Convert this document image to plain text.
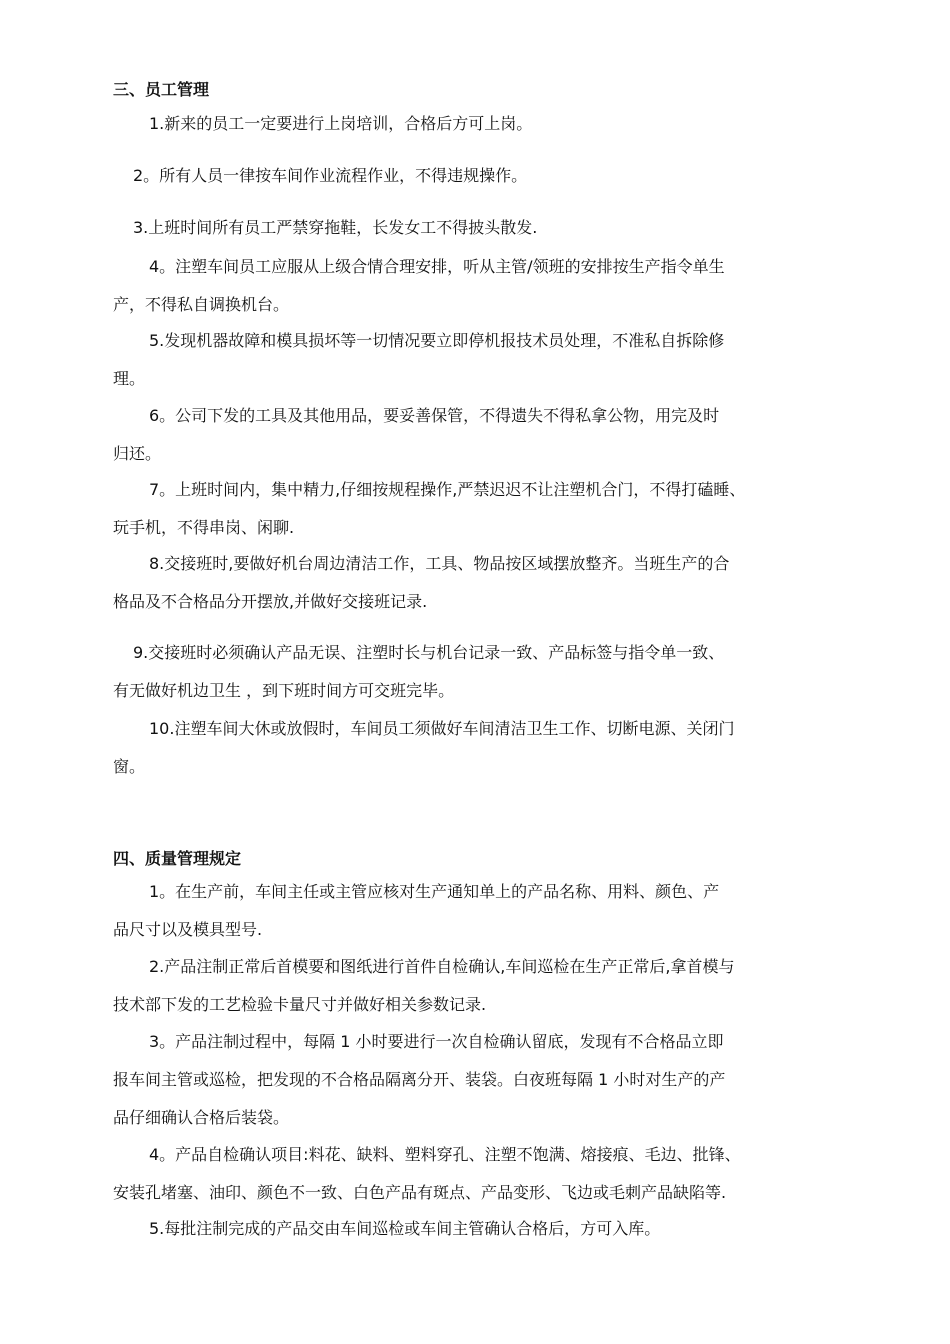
三、员工管理
1.新来的员工一定要进行上岗培训，合格后方可上岗。
2。所有人员一律按车间作业流程作业，不得违规操作。
3.上班时间所有员工严禁穿拖鞋，长发女工不得披头散发.
4。注塑车间员工应服从上级合情合理安排，听从主管/领班的安排按生产指令单生
产，不得私自调换机台。
5.发现机器故障和模具损坏等一切情况要立即停机报技术员处理，不准私自拆除修
理。
6。公司下发的工具及其他用品，要妥善保管，不得遗失不得私拿公物，用完及时
归还。
7。上班时间内，集中精力,仔细按规程操作,严禁迟迟不让注塑机合门，不得打磕睡、
玩手机，不得串岗、闲聊.
8.交接班时,要做好机台周边清洁工作，工具、物品按区域摆放整齐。当班生产的合
格品及不合格品分开摆放,并做好交接班记录.
9.交接班时必须确认产品无误、注塑时长与机台记录一致、产品标签与指令单一致、
有无做好机边卫生 ，到下班时间方可交班完毕。
10.注塑车间大休或放假时，车间员工须做好车间清洁卫生工作、切断电源、关闭门
窗。
四、质量管理规定
1。在生产前，车间主任或主管应核对生产通知单上的产品名称、用料、颜色、产
品尺寸以及模具型号.
2.产品注制正常后首模要和图纸进行首件自检确认,车间巡检在生产正常后,拿首模与
技术部下发的工艺检验卡量尺寸并做好相关参数记录.
3。产品注制过程中，每隔 1 小时要进行一次自检确认留底，发现有不合格品立即
报车间主管或巡检，把发现的不合格品隔离分开、装袋。白夜班每隔 1 小时对生产的产
品仔细确认合格后装袋。
4。产品自检确认项目:料花、缺料、塑料穿孔、注塑不饱满、熔接痕、毛边、批锋、
安装孔堵塞、油印、颜色不一致、白色产品有斑点、产品变形、飞边或毛刺产品缺陷等.
5.每批注制完成的产品交由车间巡检或车间主管确认合格后，方可入库。
